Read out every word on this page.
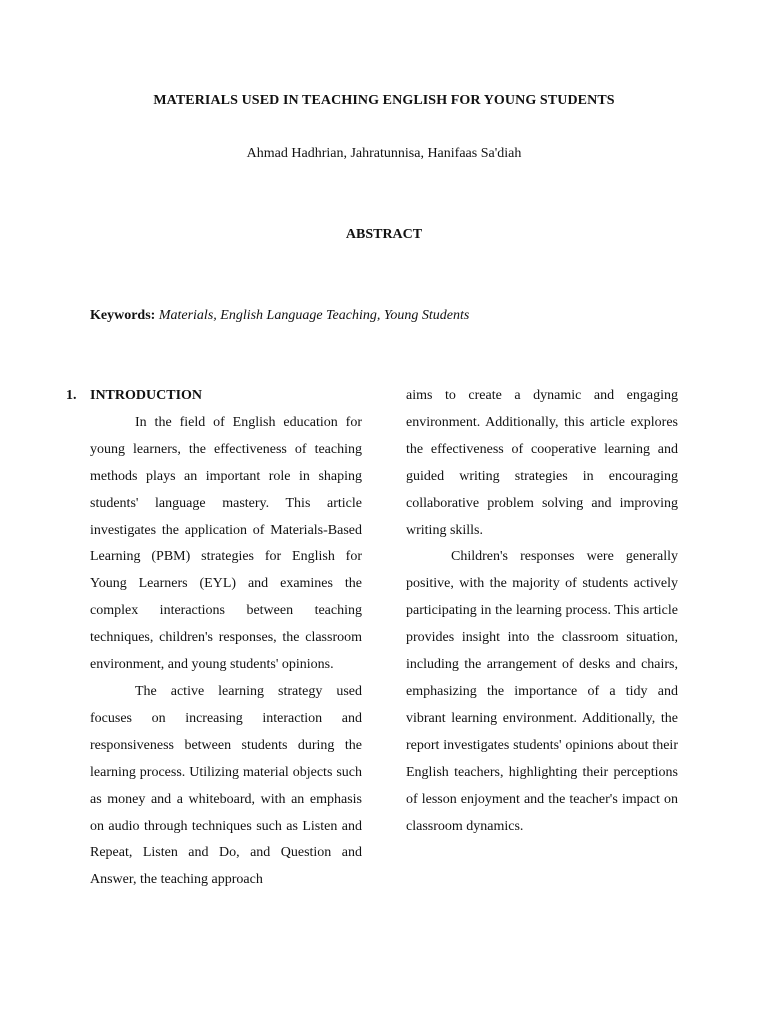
MATERIALS USED IN TEACHING ENGLISH FOR YOUNG STUDENTS
Ahmad Hadhrian, Jahratunnisa, Hanifaas Sa'diah
ABSTRACT
Keywords: Materials, English Language Teaching, Young Students
1. INTRODUCTION

In the field of English education for young learners, the effectiveness of teaching methods plays an important role in shaping students' language mastery. This article investigates the application of Materials-Based Learning (PBM) strategies for English for Young Learners (EYL) and examines the complex interactions between teaching techniques, children's responses, the classroom environment, and young students' opinions.

The active learning strategy used focuses on increasing interaction and responsiveness between students during the learning process. Utilizing material objects such as money and a whiteboard, with an emphasis on audio through techniques such as Listen and Repeat, Listen and Do, and Question and Answer, the teaching approach

aims to create a dynamic and engaging environment. Additionally, this article explores the effectiveness of cooperative learning and guided writing strategies in encouraging collaborative problem solving and improving writing skills.

Children's responses were generally positive, with the majority of students actively participating in the learning process. This article provides insight into the classroom situation, including the arrangement of desks and chairs, emphasizing the importance of a tidy and vibrant learning environment. Additionally, the report investigates students' opinions about their English teachers, highlighting their perceptions of lesson enjoyment and the teacher's impact on classroom dynamics.
